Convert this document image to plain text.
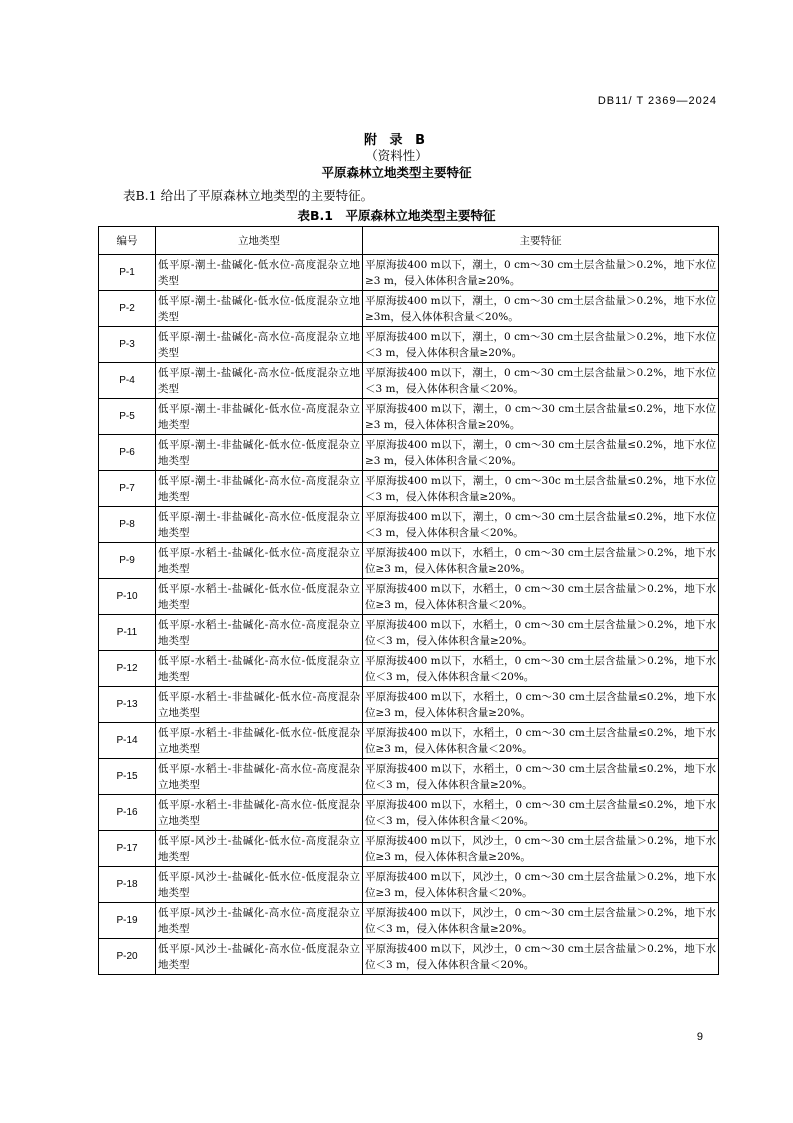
DB11/ T 2369—2024
附 录 B
（资料性）
平原森林立地类型主要特征
表B.1 给出了平原森林立地类型的主要特征。
表B.1　平原森林立地类型主要特征
编号	立地类型	主要特征
P-1	低平原-潮土-盐碱化-低水位-高度混杂立地类型	平原海拔400 m以下，潮土，0 cm～30 cm土层含盐量＞0.2%，地下水位≥3 m，侵入体体积含量≥20%。
P-2	低平原-潮土-盐碱化-低水位-低度混杂立地类型	平原海拔400 m以下，潮土，0 cm～30 cm土层含盐量＞0.2%，地下水位≥3m，侵入体体积含量＜20%。
P-3	低平原-潮土-盐碱化-高水位-高度混杂立地类型	平原海拔400 m以下，潮土，0 cm～30 cm土层含盐量＞0.2%，地下水位＜3 m，侵入体体积含量≥20%。
P-4	低平原-潮土-盐碱化-高水位-低度混杂立地类型	平原海拔400 m以下，潮土，0 cm～30 cm土层含盐量＞0.2%，地下水位＜3 m，侵入体体积含量＜20%。
P-5	低平原-潮土-非盐碱化-低水位-高度混杂立地类型	平原海拔400 m以下，潮土，0 cm～30 cm土层含盐量≤0.2%，地下水位≥3 m，侵入体体积含量≥20%。
P-6	低平原-潮土-非盐碱化-低水位-低度混杂立地类型	平原海拔400 m以下，潮土，0 cm～30 cm土层含盐量≤0.2%，地下水位≥3 m，侵入体体积含量＜20%。
P-7	低平原-潮土-非盐碱化-高水位-高度混杂立地类型	平原海拔400 m以下，潮土，0 cm～30c m土层含盐量≤0.2%，地下水位＜3 m，侵入体体积含量≥20%。
P-8	低平原-潮土-非盐碱化-高水位-低度混杂立地类型	平原海拔400 m以下，潮土，0 cm～30 cm土层含盐量≤0.2%，地下水位＜3 m，侵入体体积含量＜20%。
P-9	低平原-水稻土-盐碱化-低水位-高度混杂立地类型	平原海拔400 m以下，水稻土，0 cm～30 cm土层含盐量＞0.2%，地下水位≥3 m，侵入体体积含量≥20%。
P-10	低平原-水稻土-盐碱化-低水位-低度混杂立地类型	平原海拔400 m以下，水稻土，0 cm～30 cm土层含盐量＞0.2%，地下水位≥3 m，侵入体体积含量＜20%。
P-11	低平原-水稻土-盐碱化-高水位-高度混杂立地类型	平原海拔400 m以下，水稻土，0 cm～30 cm土层含盐量＞0.2%，地下水位＜3 m，侵入体体积含量≥20%。
P-12	低平原-水稻土-盐碱化-高水位-低度混杂立地类型	平原海拔400 m以下，水稻土，0 cm～30 cm土层含盐量＞0.2%，地下水位＜3 m，侵入体体积含量＜20%。
P-13	低平原-水稻土-非盐碱化-低水位-高度混杂立地类型	平原海拔400 m以下，水稻土，0 cm～30 cm土层含盐量≤0.2%，地下水位≥3 m，侵入体体积含量≥20%。
P-14	低平原-水稻土-非盐碱化-低水位-低度混杂立地类型	平原海拔400 m以下，水稻土，0 cm～30 cm土层含盐量≤0.2%，地下水位≥3 m，侵入体体积含量＜20%。
P-15	低平原-水稻土-非盐碱化-高水位-高度混杂立地类型	平原海拔400 m以下，水稻土，0 cm～30 cm土层含盐量≤0.2%，地下水位＜3 m，侵入体体积含量≥20%。
P-16	低平原-水稻土-非盐碱化-高水位-低度混杂立地类型	平原海拔400 m以下，水稻土，0 cm～30 cm土层含盐量≤0.2%，地下水位＜3 m，侵入体体积含量＜20%。
P-17	低平原-风沙土-盐碱化-低水位-高度混杂立地类型	平原海拔400 m以下，风沙土，0 cm～30 cm土层含盐量＞0.2%，地下水位≥3 m，侵入体体积含量≥20%。
P-18	低平原-风沙土-盐碱化-低水位-低度混杂立地类型	平原海拔400 m以下，风沙土，0 cm～30 cm土层含盐量＞0.2%，地下水位≥3 m，侵入体体积含量＜20%。
P-19	低平原-风沙土-盐碱化-高水位-高度混杂立地类型	平原海拔400 m以下，风沙土，0 cm～30 cm土层含盐量＞0.2%，地下水位＜3 m，侵入体体积含量≥20%。
P-20	低平原-风沙土-盐碱化-高水位-低度混杂立地类型	平原海拔400 m以下，风沙土，0 cm～30 cm土层含盐量＞0.2%，地下水位＜3 m，侵入体体积含量＜20%。
9
